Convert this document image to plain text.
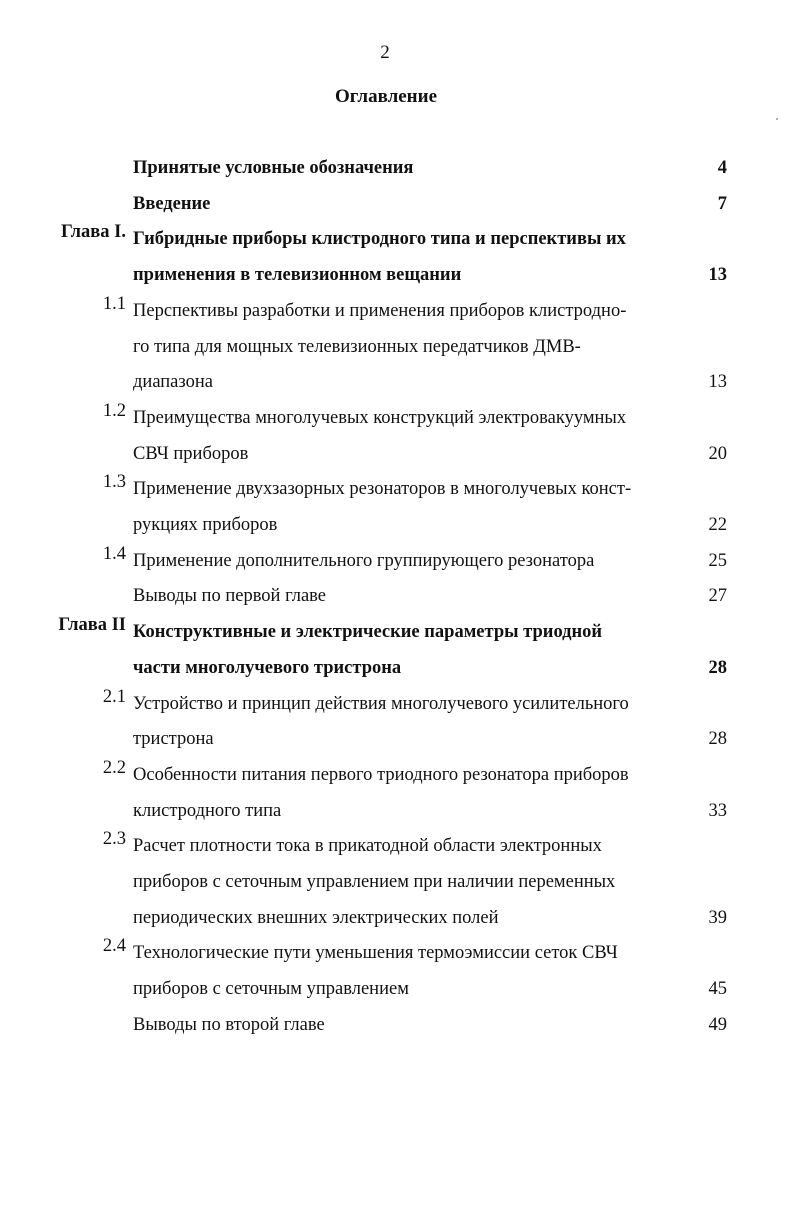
2
Оглавление
Принятые условные обозначения	4
Введение	7
Глава I. Гибридные приборы клистродного типа и перспективы их
применения в телевизионном вещании	13
1.1 Перспективы разработки и применения приборов клистродно-
го типа для мощных телевизионных передатчиков ДМВ-
диапазона	13
1.2 Преимущества многолучевых конструкций электровакуумных
СВЧ приборов	20
1.3 Применение двухзазорных резонаторов в многолучевых конст-
рукциях приборов	22
1.4 Применение дополнительного группирующего резонатора	25
Выводы по первой главе	27
Глава II Конструктивные и электрические параметры триодной
части многолучевого тристрона	28
2.1 Устройство и принцип действия многолучевого усилительного
тристрона	28
2.2 Особенности питания первого триодного резонатора приборов
клистродного типа	33
2.3 Расчет плотности тока в прикатодной области электронных
приборов с сеточным управлением при наличии переменных
периодических внешних электрических полей	39
2.4 Технологические пути уменьшения термоэмиссии сеток СВЧ
приборов с сеточным управлением	45
Выводы по второй главе	49
